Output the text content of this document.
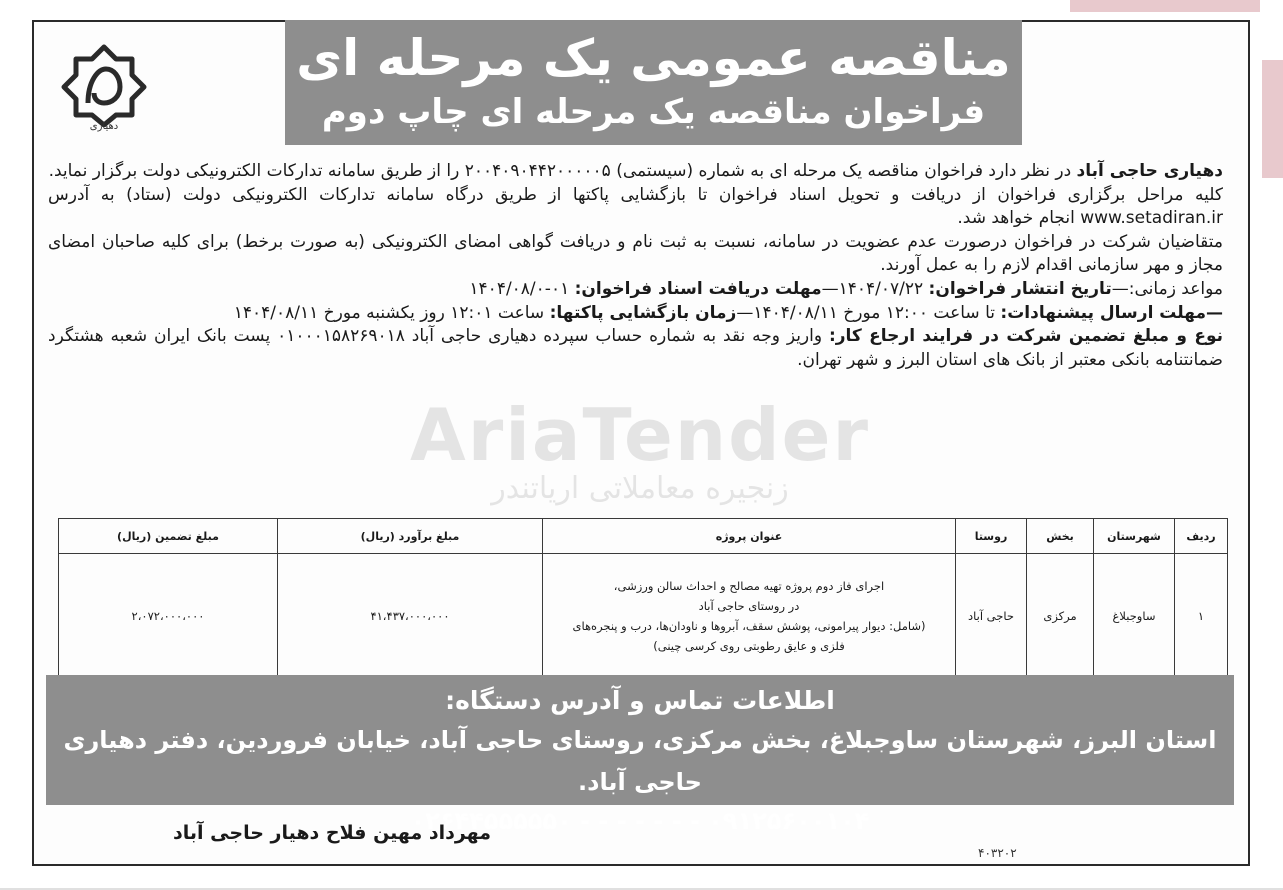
دهیاری
مناقصه عمومی یک مرحله ای
فراخوان مناقصه یک مرحله ای چاپ دوم

دهیاری حاجی آباد در نظر دارد فراخوان مناقصه یک مرحله ای به شماره (سیستمی) ۲۰۰۴۰۹۰۴۴۲۰۰۰۰۰۵ را از طریق سامانه تدارکات الکترونیکی دولت برگزار نماید.

کلیه مراحل برگزاری فراخوان از دریافت و تحویل اسناد فراخوان تا بازگشایی پاکتها از طریق درگاه سامانه تدارکات الکترونیکی دولت (ستاد) به آدرس www.setadiran.ir انجام خواهد شد.

متقاضیان شرکت در فراخوان درصورت عدم عضویت در سامانه، نسبت به ثبت نام و دریافت گواهی امضای الکترونیکی (به صورت برخط) برای کلیه صاحبان امضای مجاز و مهر سازمانی اقدام لازم را به عمل آورند.

مواعد زمانی:—تاریخ انتشار فراخوان: ۱۴۰۴/۰۷/۲۲—مهلت دریافت اسناد فراخوان: ۰۱-۱۴۰۴/۰۸/۰

—مهلت ارسال پیشنهادات: تا ساعت ۱۲:۰۰ مورخ ۱۴۰۴/۰۸/۱۱—زمان بازگشایی پاکتها: ساعت ۱۲:۰۱ روز یکشنبه مورخ ۱۴۰۴/۰۸/۱۱

نوع و مبلغ تضمین شرکت در فرایند ارجاع کار: واریز وجه نقد به شماره حساب سپرده دهیاری حاجی آباد ۰۱۰۰۰۱۵۸۲۶۹۰۱۸ پست بانک ایران شعبه هشتگرد ضمانتنامه بانکی معتبر از بانک های استان البرز و شهر تهران.

ردیف	شهرستان	بخش	روستا	عنوان پروژه	مبلغ برآورد (ریال)	مبلغ تضمین (ریال)
۱	ساوجبلاغ	مرکزی	حاجی آباد	اجرای فاز دوم پروژه تهیه مصالح و احداث سالن ورزشی،
در روستای حاجی آباد
(شامل: دیوار پیرامونی، پوشش سقف، آبروها و ناودان‌ها، درب و پنجره‌های
فلزی و عایق رطوبتی روی کرسی چینی)	۴۱،۴۳۷،۰۰۰،۰۰۰	۲،۰۷۲،۰۰۰،۰۰۰
اطلاعات تماس و آدرس دستگاه:
استان البرز، شهرستان ساوجبلاغ، بخش مرکزی، روستای حاجی آباد، خیابان فروردین، دفتر دهیاری حاجی آباد.
۰۲۶۴۴۵۵۵۵۵۰ - - - - - - - ۰۹۱۲۵۶۰۰۱۰۴
مهرداد مهین فلاح دهیار حاجی آباد
۴۰۳۲۰۲
